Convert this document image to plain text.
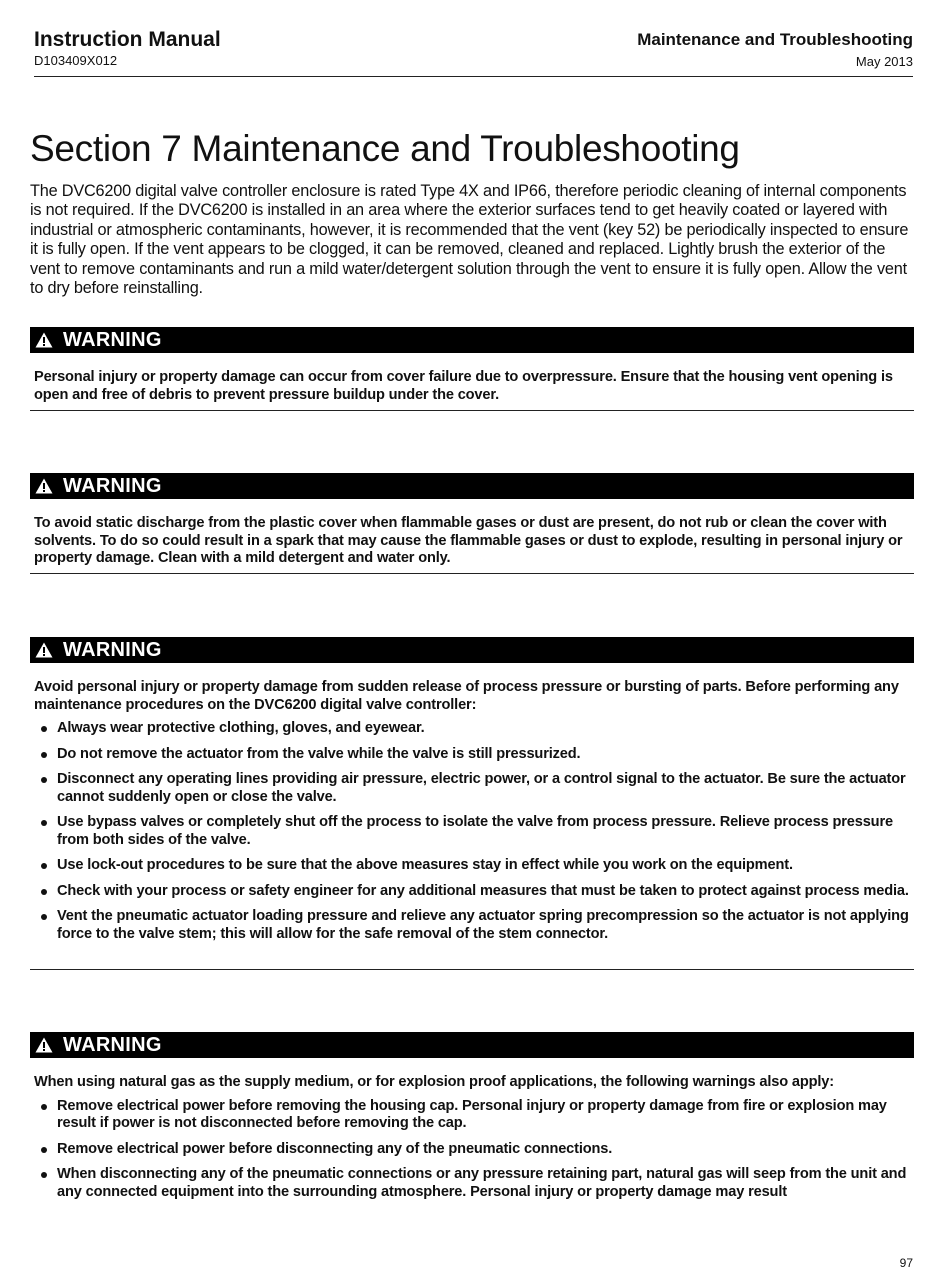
Instruction Manual
D103409X012
Maintenance and Troubleshooting
May 2013
Section 7 Maintenance and Troubleshooting

The DVC6200 digital valve controller enclosure is rated Type 4X and IP66, therefore periodic cleaning of internal components is not required. If the DVC6200 is installed in an area where the exterior surfaces tend to get heavily coated or layered with industrial or atmospheric contaminants, however, it is recommended that the vent (key 52) be periodically inspected to ensure it is fully open. If the vent appears to be clogged, it can be removed, cleaned and replaced. Lightly brush the exterior of the vent to remove contaminants and run a mild water/detergent solution through the vent to ensure it is fully open. Allow the vent to dry before reinstalling.

WARNING

Personal injury or property damage can occur from cover failure due to overpressure. Ensure that the housing vent opening is open and free of debris to prevent pressure buildup under the cover.

WARNING

To avoid static discharge from the plastic cover when flammable gases or dust are present, do not rub or clean the cover with solvents. To do so could result in a spark that may cause the flammable gases or dust to explode, resulting in personal injury or property damage. Clean with a mild detergent and water only.

WARNING

Avoid personal injury or property damage from sudden release of process pressure or bursting of parts. Before performing any maintenance procedures on the DVC6200 digital valve controller:

Always wear protective clothing, gloves, and eyewear.
Do not remove the actuator from the valve while the valve is still pressurized.
Disconnect any operating lines providing air pressure, electric power, or a control signal to the actuator. Be sure the actuator cannot suddenly open or close the valve.
Use bypass valves or completely shut off the process to isolate the valve from process pressure. Relieve process pressure from both sides of the valve.
Use lock-out procedures to be sure that the above measures stay in effect while you work on the equipment.
Check with your process or safety engineer for any additional measures that must be taken to protect against process media.
Vent the pneumatic actuator loading pressure and relieve any actuator spring precompression so the actuator is not applying force to the valve stem; this will allow for the safe removal of the stem connector.
WARNING

When using natural gas as the supply medium, or for explosion proof applications, the following warnings also apply:

Remove electrical power before removing the housing cap. Personal injury or property damage from fire or explosion may result if power is not disconnected before removing the cap.
Remove electrical power before disconnecting any of the pneumatic connections.
When disconnecting any of the pneumatic connections or any pressure retaining part, natural gas will seep from the unit and any connected equipment into the surrounding atmosphere. Personal injury or property damage may result
97
